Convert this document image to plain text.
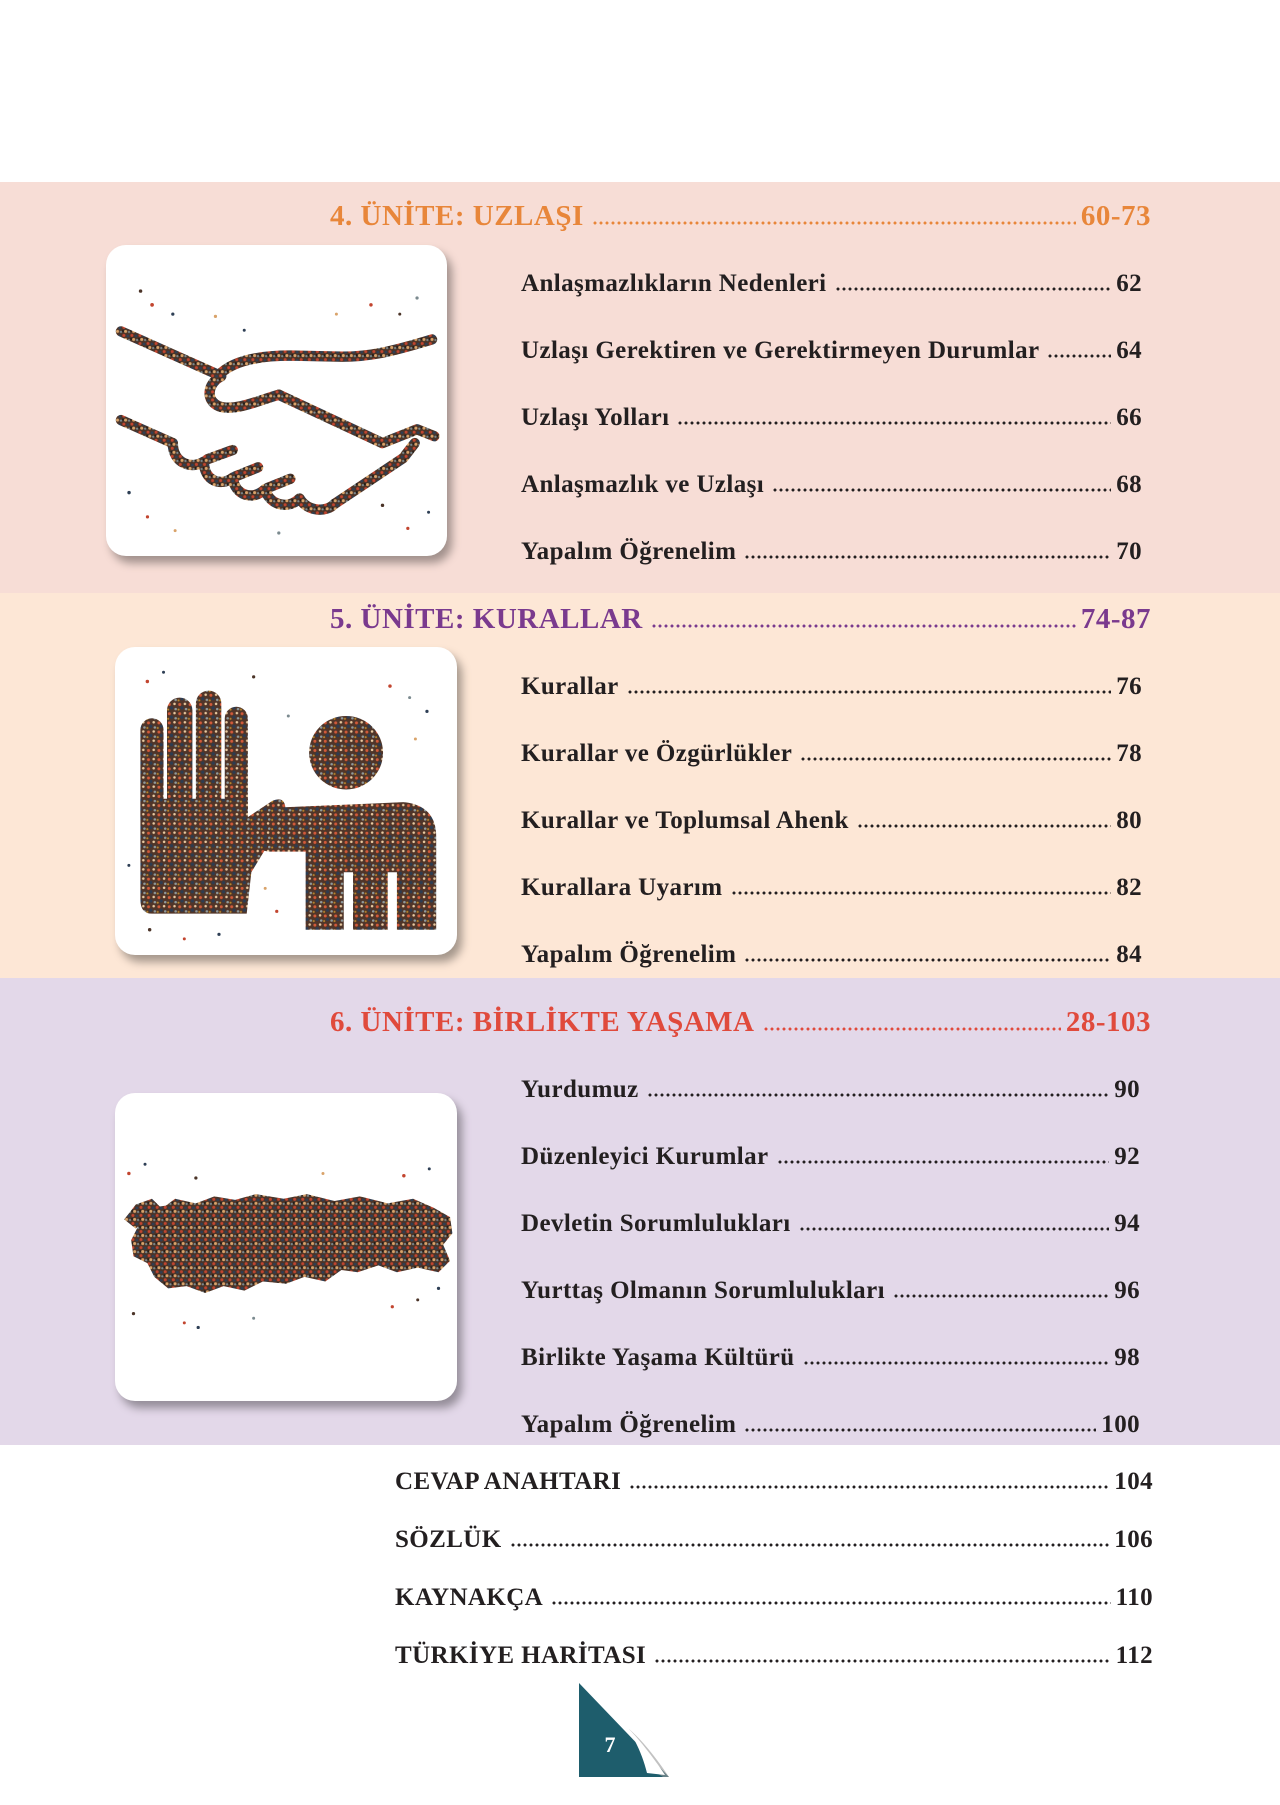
4. ÜNİTE: UZLAŞI	60-73
Anlaşmazlıkların Nedenleri	62
Uzlaşı Gerektiren ve Gerektirmeyen Durumlar	64
Uzlaşı Yolları	66
Anlaşmazlık ve Uzlaşı	68
Yapalım Öğrenelim	70
5. ÜNİTE: KURALLAR	74-87
Kurallar	76
Kurallar ve Özgürlükler	78
Kurallar ve Toplumsal Ahenk	80
Kurallara Uyarım	82
Yapalım Öğrenelim	84
6. ÜNİTE: BİRLİKTE YAŞAMA	28-103
Yurdumuz	90
Düzenleyici Kurumlar	92
Devletin Sorumlulukları	94
Yurttaş Olmanın Sorumlulukları	96
Birlikte Yaşama Kültürü	98
Yapalım Öğrenelim	100
CEVAP ANAHTARI	104
SÖZLÜK	106
KAYNAKÇA	110
TÜRKİYE HARİTASI	112
7
